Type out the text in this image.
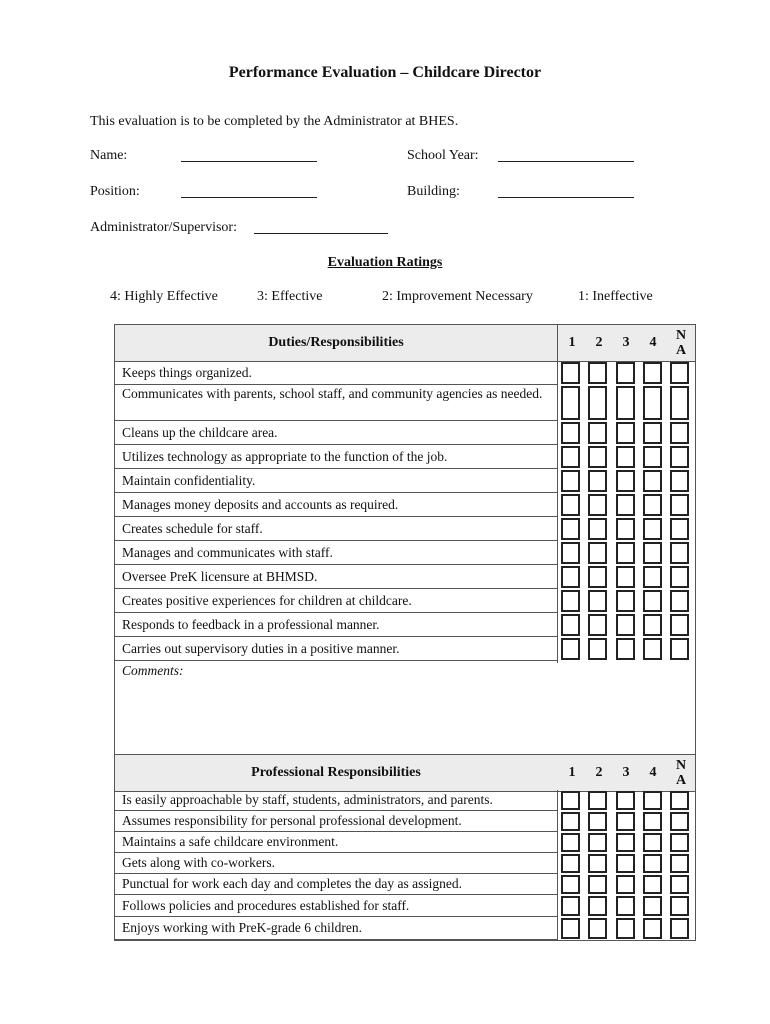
Performance Evaluation – Childcare Director
This evaluation is to be completed by the Administrator at BHES.
Name:	School Year:
Position:	Building:
Administrator/Supervisor:
Evaluation Ratings
4: Highly Effective	3: Effective	2: Improvement Necessary	1: Ineffective
Duties/Responsibilities	1	2	3	4	N
A
Keeps things organized.
Communicates with parents, school staff, and community agencies as needed.
Cleans up the childcare area.
Utilizes technology as appropriate to the function of the job.
Maintain confidentiality.
Manages money deposits and accounts as required.
Creates schedule for staff.
Manages and communicates with staff.
Oversee PreK licensure at BHMSD.
Creates positive experiences for children at childcare.
Responds to feedback in a professional manner.
Carries out supervisory duties in a positive manner.
Comments:
Professional Responsibilities	1	2	3	4	N
A
Is easily approachable by staff, students, administrators, and parents.
Assumes responsibility for personal professional development.
Maintains a safe childcare environment.
Gets along with co-workers.
Punctual for work each day and completes the day as assigned.
Follows policies and procedures established for staff.
Enjoys working with PreK-grade 6 children.
